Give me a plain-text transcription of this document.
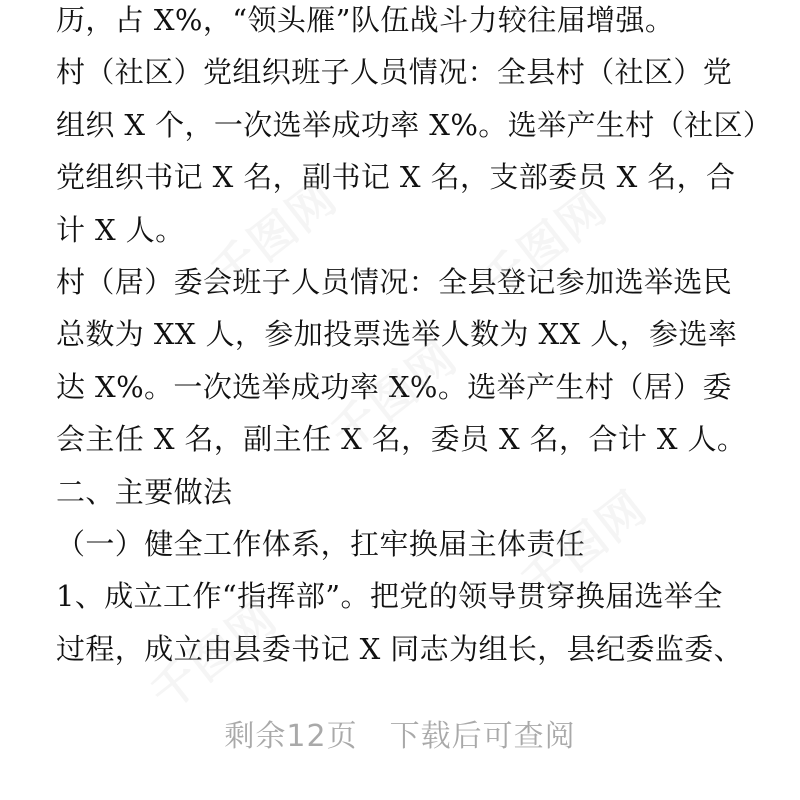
历，占 X%，“领头雁”队伍战斗力较往届增强。
村（社区）党组织班子人员情况：全县村（社区）党
组织 X 个，一次选举成功率 X%。选举产生村（社区）
党组织书记 X 名，副书记 X 名，支部委员 X 名，合
计 X 人。
村（居）委会班子人员情况：全县登记参加选举选民
总数为 XX 人，参加投票选举人数为 XX 人，参选率
达 X%。一次选举成功率 X%。选举产生村（居）委
会主任 X 名，副主任 X 名，委员 X 名，合计 X 人。
二、主要做法
（一）健全工作体系，扛牢换届主体责任
1、成立工作“指挥部”。把党的领导贯穿换届选举全
过程，成立由县委书记 X 同志为组长，县纪委监委、
千图网	千图网
千图网
千图网
千图网
剩余12页 下载后可查阅
